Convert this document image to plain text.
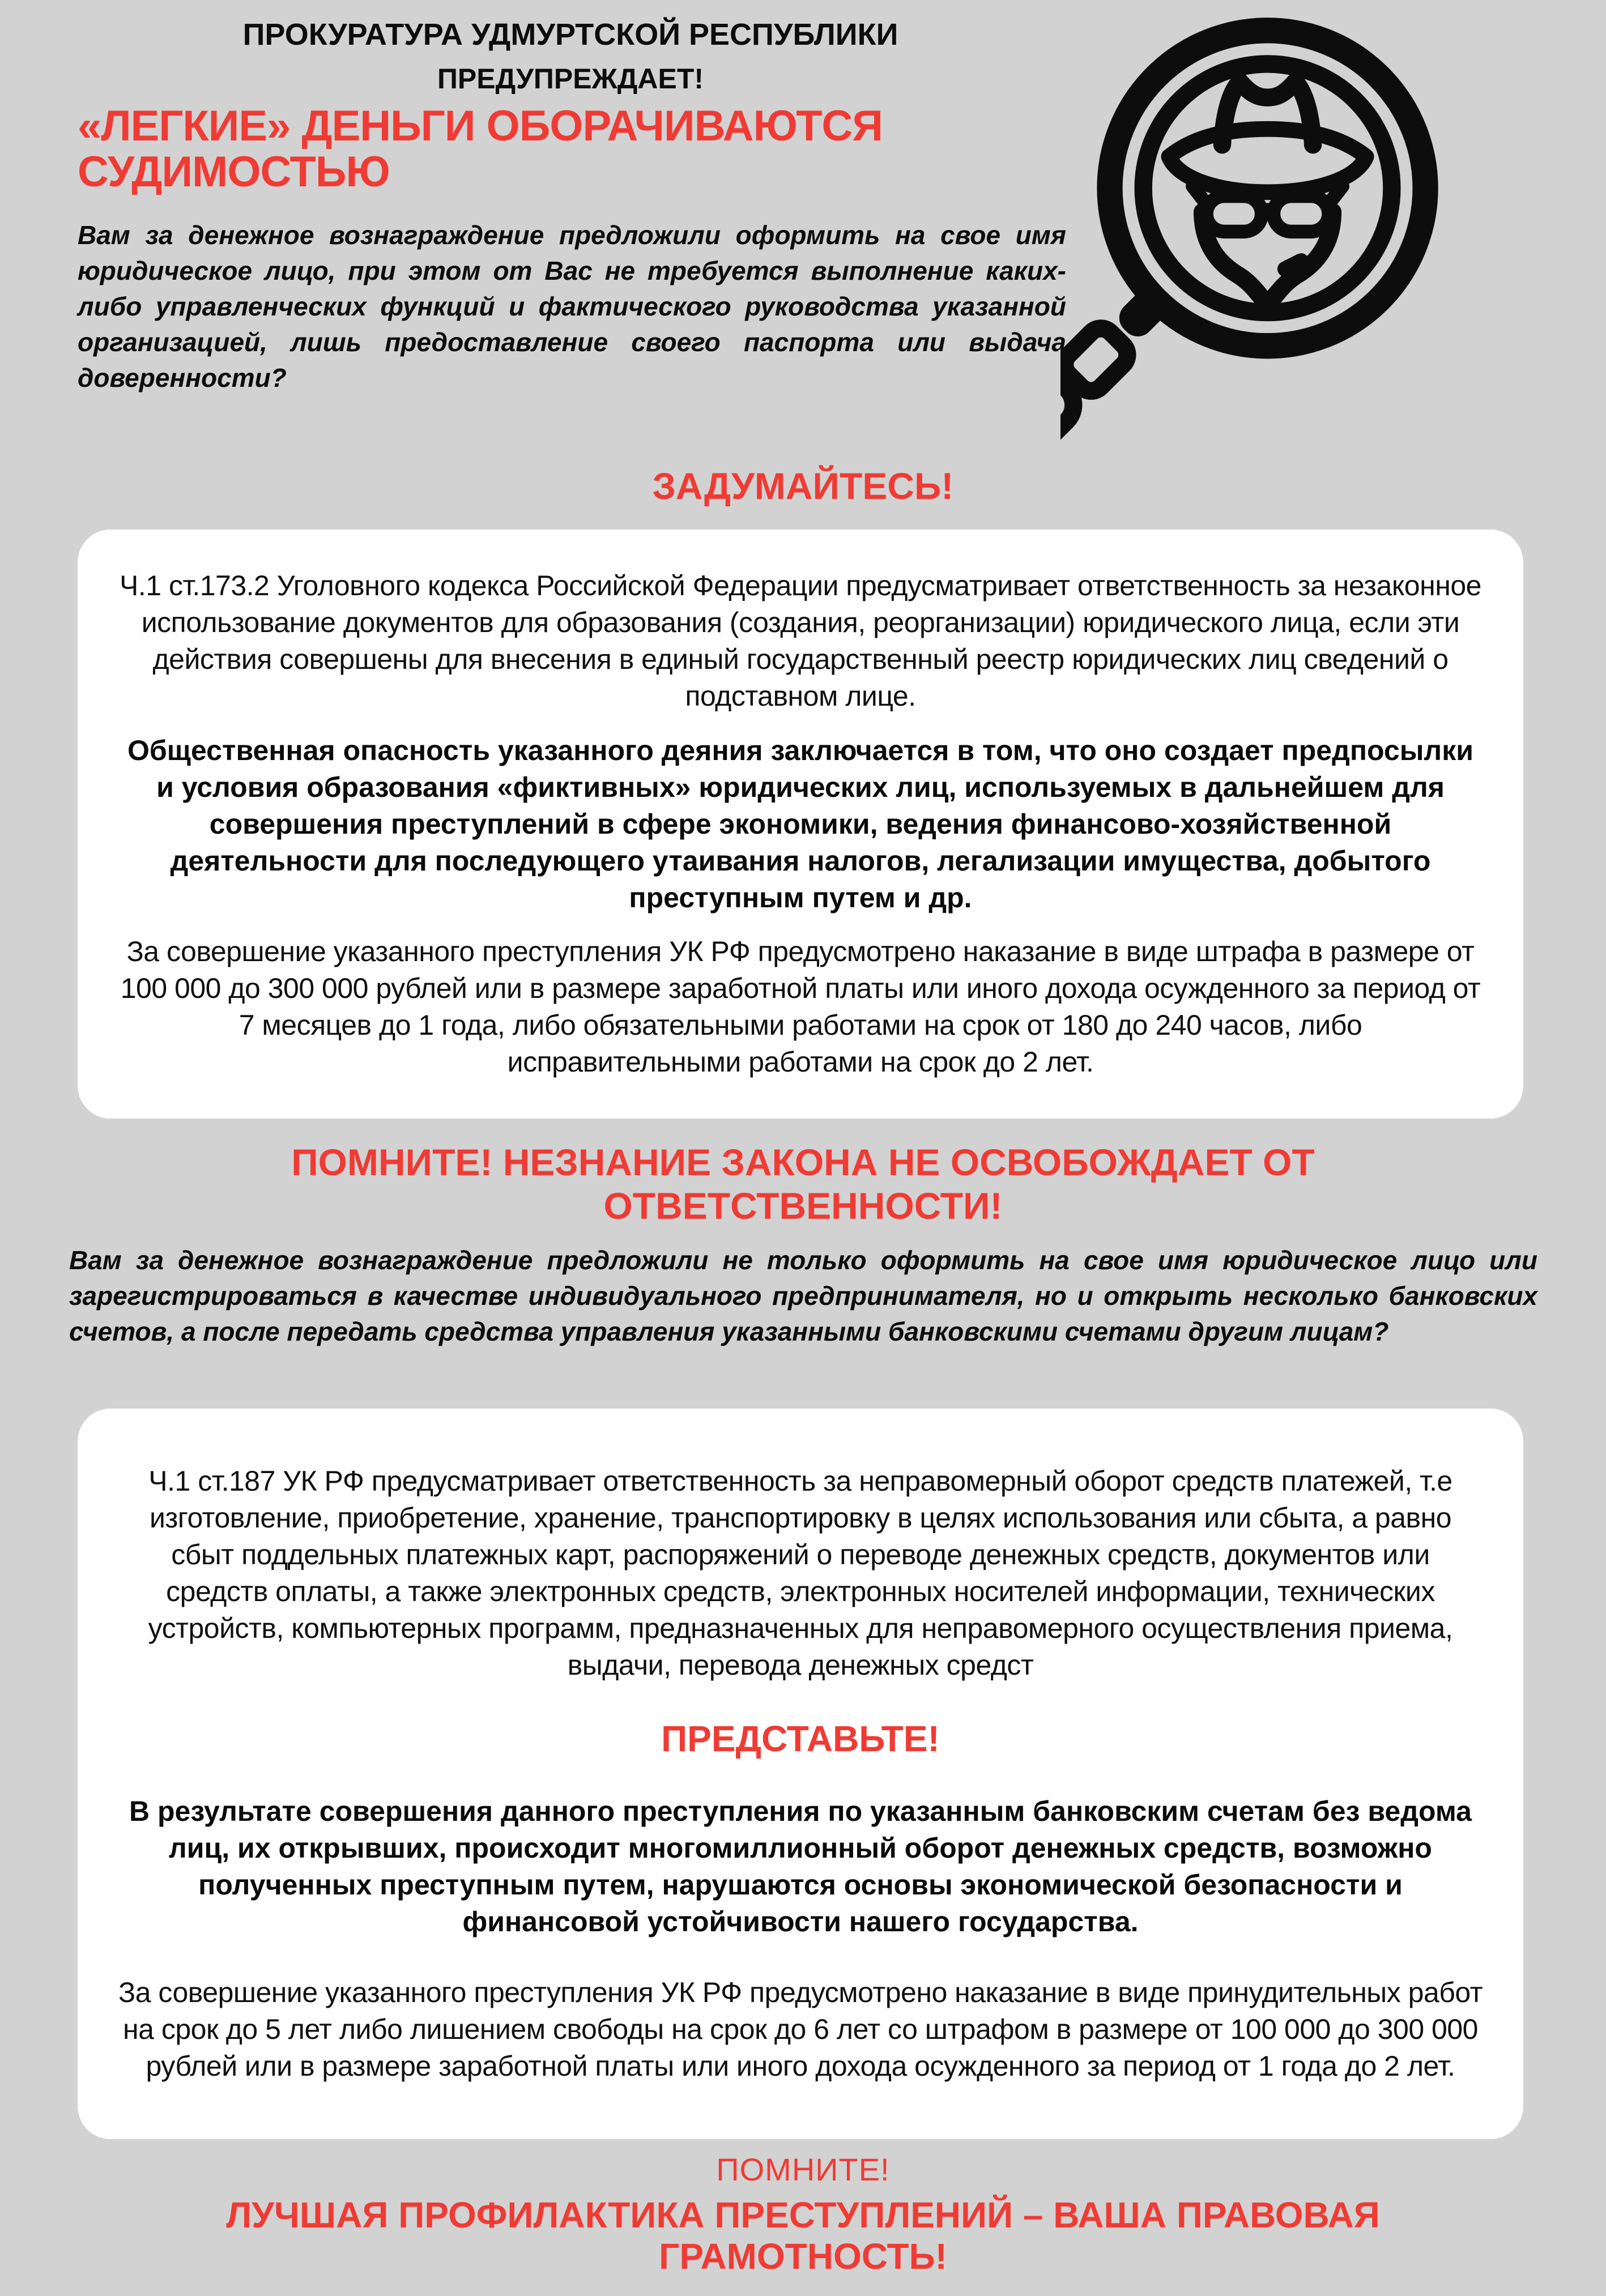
ПРОКУРАТУРА УДМУРТСКОЙ РЕСПУБЛИКИ
ПРЕДУПРЕЖДАЕТ!
«ЛЕГКИЕ» ДЕНЬГИ ОБОРАЧИВАЮТСЯ
СУДИМОСТЬЮ

Вам за денежное вознаграждение предложили оформить на свое имя юридическое лицо, при этом от Вас не требуется выполнение каких-либо управленческих функций и фактического руководства указанной организацией, лишь предоставление своего паспорта или выдача доверенности?

ЗАДУМАЙТЕСЬ!

Ч.1 ст.173.2 Уголовного кодекса Российской Федерации предусматривает ответственность за незаконное использование документов для образования (создания, реорганизации) юридического лица, если эти действия совершены для внесения в единый государственный реестр юридических лиц сведений о подставном лице.

Общественная опасность указанного деяния заключается в том, что оно создает предпосылки и условия образования «фиктивных» юридических лиц, используемых в дальнейшем для совершения преступлений в сфере экономики, ведения финансово-хозяйственной деятельности для последующего утаивания налогов, легализации имущества, добытого преступным путем и др.

За совершение указанного преступления УК РФ предусмотрено наказание в виде штрафа в размере от 100 000 до 300 000 рублей или в размере заработной платы или иного дохода осужденного за период от 7 месяцев до 1 года, либо обязательными работами на срок от 180 до 240 часов, либо исправительными работами на срок до 2 лет.

ПОМНИТЕ! НЕЗНАНИЕ ЗАКОНА НЕ ОСВОБОЖДАЕТ ОТ
ОТВЕТСТВЕННОСТИ!

Вам за денежное вознаграждение предложили не только оформить на свое имя юридическое лицо или зарегистрироваться в качестве индивидуального предпринимателя, но и открыть несколько банковских счетов, а после передать средства управления указанными банковскими счетами другим лицам?

Ч.1 ст.187 УК РФ предусматривает ответственность за неправомерный оборот средств платежей, т.е изготовление, приобретение, хранение, транспортировку в целях использования или сбыта, а равно сбыт поддельных платежных карт, распоряжений о переводе денежных средств, документов или средств оплаты, а также электронных средств, электронных носителей информации, технических устройств, компьютерных программ, предназначенных для неправомерного осуществления приема, выдачи, перевода денежных средст

ПРЕДСТАВЬТЕ!

В результате совершения данного преступления по указанным банковским счетам без ведома лиц, их открывших, происходит многомиллионный оборот денежных средств, возможно полученных преступным путем, нарушаются основы экономической безопасности и финансовой устойчивости нашего государства.

За совершение указанного преступления УК РФ предусмотрено наказание в виде принудительных работ на срок до 5 лет либо лишением свободы на срок до 6 лет со штрафом в размере от 100 000 до 300 000 рублей или в размере заработной платы или иного дохода осужденного за период от 1 года до 2 лет.

ПОМНИТЕ!
ЛУЧШАЯ ПРОФИЛАКТИКА ПРЕСТУПЛЕНИЙ – ВАША ПРАВОВАЯ
ГРАМОТНОСТЬ!
